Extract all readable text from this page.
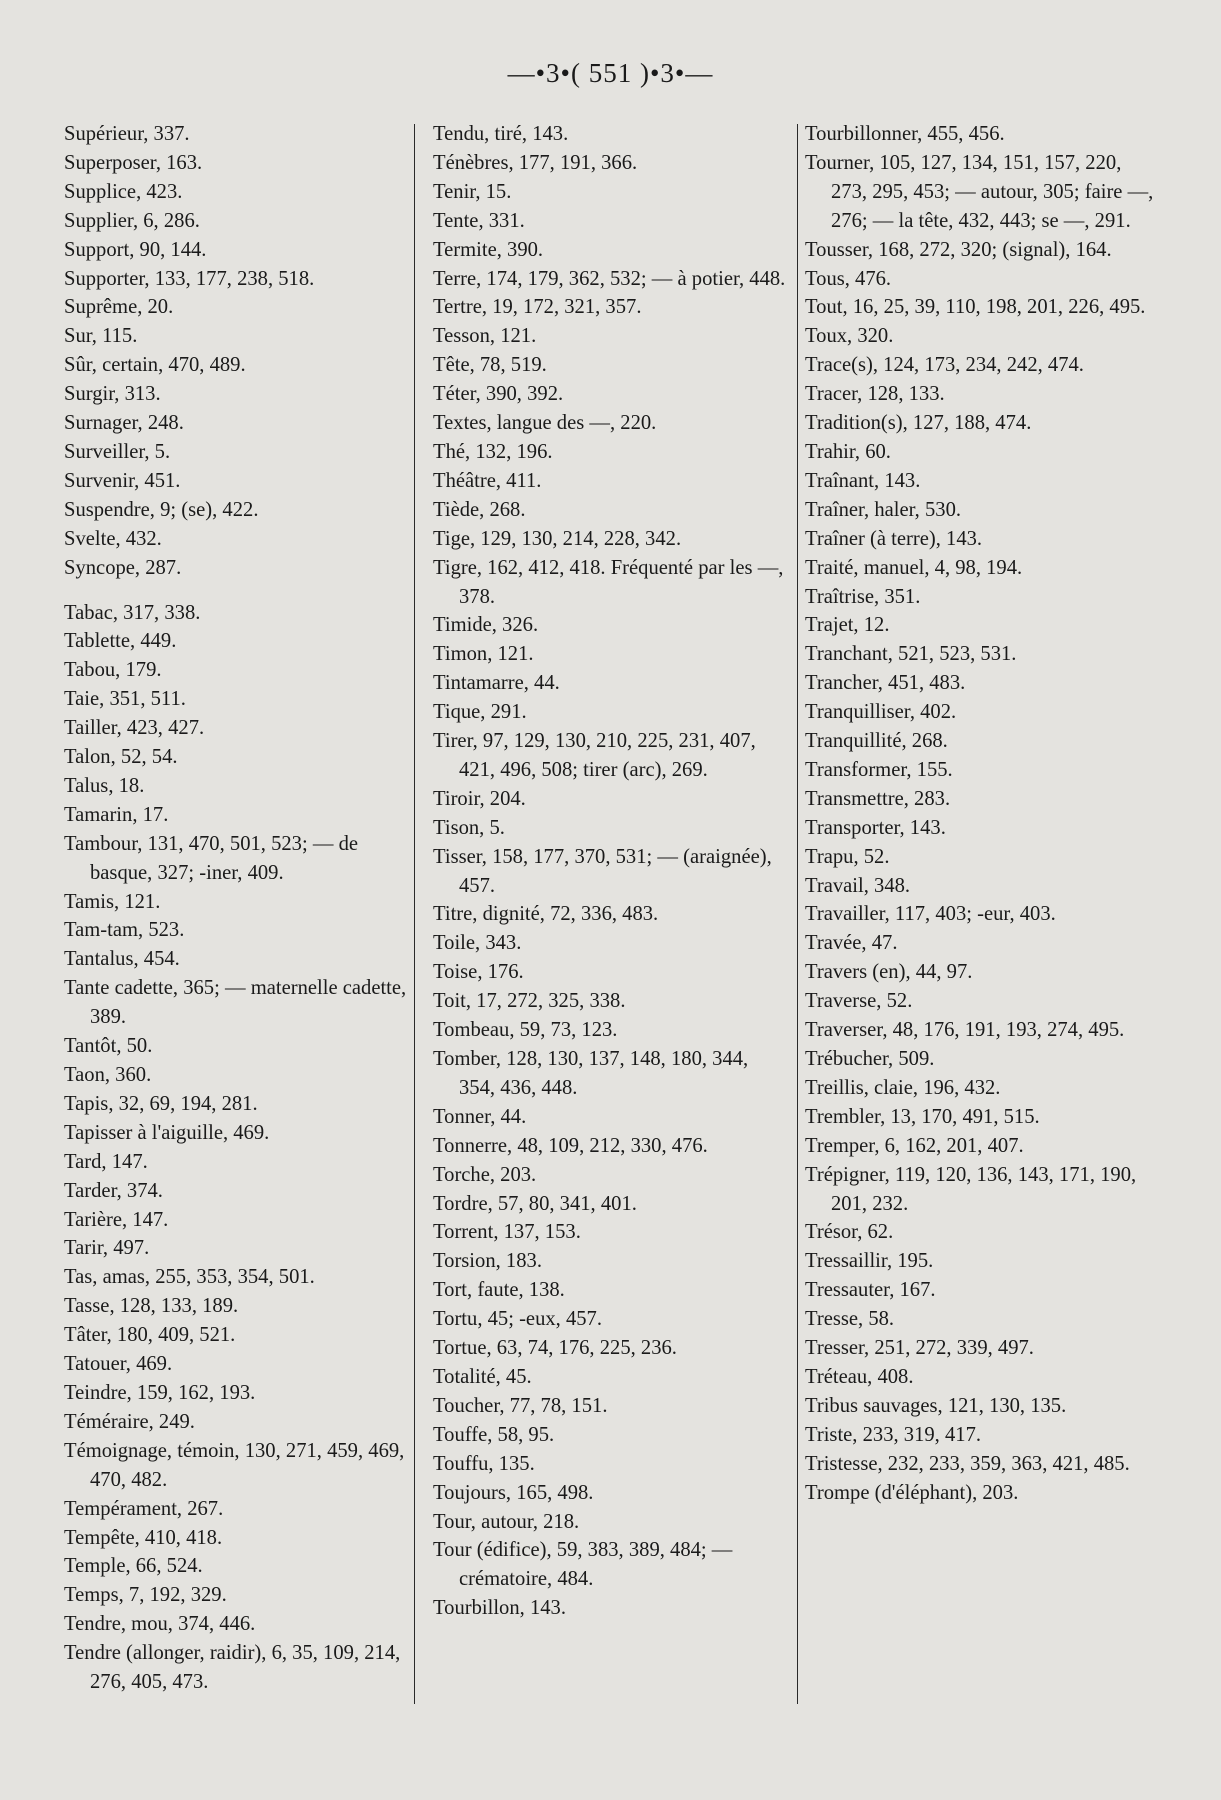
—•3•( 551 )•3•—
Supérieur, 337.
Superposer, 163.
Supplice, 423.
Supplier, 6, 286.
Support, 90, 144.
Supporter, 133, 177, 238, 518.
Suprême, 20.
Sur, 115.
Sûr, certain, 470, 489.
Surgir, 313.
Surnager, 248.
Surveiller, 5.
Survenir, 451.
Suspendre, 9; (se), 422.
Svelte, 432.
Syncope, 287.
Tabac, 317, 338.
Tablette, 449.
Tabou, 179.
Taie, 351, 511.
Tailler, 423, 427.
Talon, 52, 54.
Talus, 18.
Tamarin, 17.
Tambour, 131, 470, 501, 523; — de basque, 327; -iner, 409.
Tamis, 121.
Tam-tam, 523.
Tantalus, 454.
Tante cadette, 365; — maternelle cadette, 389.
Tantôt, 50.
Taon, 360.
Tapis, 32, 69, 194, 281.
Tapisser à l'aiguille, 469.
Tard, 147.
Tarder, 374.
Tarière, 147.
Tarir, 497.
Tas, amas, 255, 353, 354, 501.
Tasse, 128, 133, 189.
Tâter, 180, 409, 521.
Tatouer, 469.
Teindre, 159, 162, 193.
Téméraire, 249.
Témoignage, témoin, 130, 271, 459, 469, 470, 482.
Tempérament, 267.
Tempête, 410, 418.
Temple, 66, 524.
Temps, 7, 192, 329.
Tendre, mou, 374, 446.
Tendre (allonger, raidir), 6, 35, 109, 214, 276, 405, 473.
Tendu, tiré, 143.
Ténèbres, 177, 191, 366.
Tenir, 15.
Tente, 331.
Termite, 390.
Terre, 174, 179, 362, 532; — à potier, 448.
Tertre, 19, 172, 321, 357.
Tesson, 121.
Tête, 78, 519.
Téter, 390, 392.
Textes, langue des —, 220.
Thé, 132, 196.
Théâtre, 411.
Tiède, 268.
Tige, 129, 130, 214, 228, 342.
Tigre, 162, 412, 418. Fréquenté par les —, 378.
Timide, 326.
Timon, 121.
Tintamarre, 44.
Tique, 291.
Tirer, 97, 129, 130, 210, 225, 231, 407, 421, 496, 508; tirer (arc), 269.
Tiroir, 204.
Tison, 5.
Tisser, 158, 177, 370, 531; — (araignée), 457.
Titre, dignité, 72, 336, 483.
Toile, 343.
Toise, 176.
Toit, 17, 272, 325, 338.
Tombeau, 59, 73, 123.
Tomber, 128, 130, 137, 148, 180, 344, 354, 436, 448.
Tonner, 44.
Tonnerre, 48, 109, 212, 330, 476.
Torche, 203.
Tordre, 57, 80, 341, 401.
Torrent, 137, 153.
Torsion, 183.
Tort, faute, 138.
Tortu, 45; -eux, 457.
Tortue, 63, 74, 176, 225, 236.
Totalité, 45.
Toucher, 77, 78, 151.
Touffe, 58, 95.
Touffu, 135.
Toujours, 165, 498.
Tour, autour, 218.
Tour (édifice), 59, 383, 389, 484; — crématoire, 484.
Tourbillon, 143.
Tourbillonner, 455, 456.
Tourner, 105, 127, 134, 151, 157, 220, 273, 295, 453; — autour, 305; faire —, 276; — la tête, 432, 443; se —, 291.
Tousser, 168, 272, 320; (signal), 164.
Tous, 476.
Tout, 16, 25, 39, 110, 198, 201, 226, 495.
Toux, 320.
Trace(s), 124, 173, 234, 242, 474.
Tracer, 128, 133.
Tradition(s), 127, 188, 474.
Trahir, 60.
Traînant, 143.
Traîner, haler, 530.
Traîner (à terre), 143.
Traité, manuel, 4, 98, 194.
Traîtrise, 351.
Trajet, 12.
Tranchant, 521, 523, 531.
Trancher, 451, 483.
Tranquilliser, 402.
Tranquillité, 268.
Transformer, 155.
Transmettre, 283.
Transporter, 143.
Trapu, 52.
Travail, 348.
Travailler, 117, 403; -eur, 403.
Travée, 47.
Travers (en), 44, 97.
Traverse, 52.
Traverser, 48, 176, 191, 193, 274, 495.
Trébucher, 509.
Treillis, claie, 196, 432.
Trembler, 13, 170, 491, 515.
Tremper, 6, 162, 201, 407.
Trépigner, 119, 120, 136, 143, 171, 190, 201, 232.
Trésor, 62.
Tressaillir, 195.
Tressauter, 167.
Tresse, 58.
Tresser, 251, 272, 339, 497.
Tréteau, 408.
Tribus sauvages, 121, 130, 135.
Triste, 233, 319, 417.
Tristesse, 232, 233, 359, 363, 421, 485.
Trompe (d'éléphant), 203.
